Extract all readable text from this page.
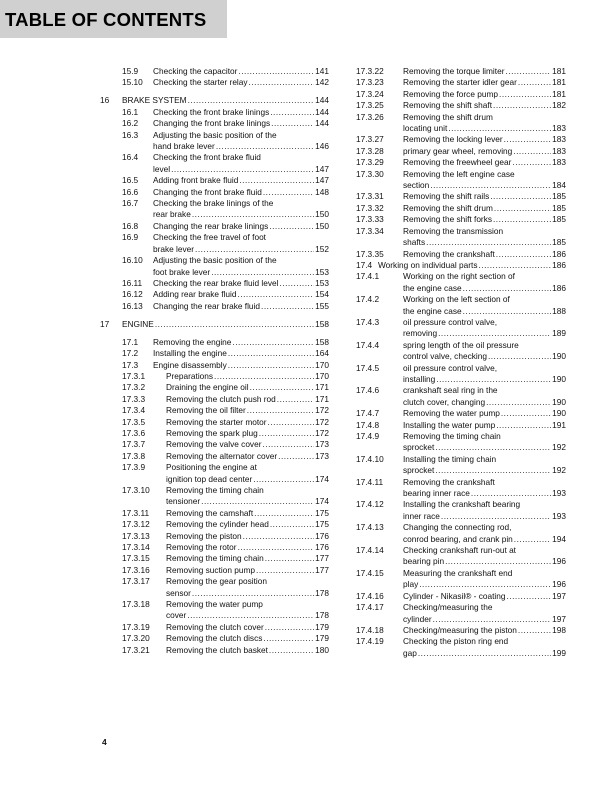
TABLE OF CONTENTS
15.9	Checking the capacitor .....	141
15.10	Checking the starter relay .....	142
16	BRAKE SYSTEM .....	144
16.1	Checking the front brake linings .....	144
16.2	Changing the front brake linings .....	144
16.3	Adjusting the basic position of the
hand brake lever .....	146
16.4	Checking the front brake fluid
level .....	147
16.5	Adding front brake fluid .....	147
16.6	Changing the front brake fluid .....	148
16.7	Checking the brake linings of the
rear brake .....	150
16.8	Changing the rear brake linings .....	150
16.9	Checking the free travel of foot
brake lever .....	152
16.10	Adjusting the basic position of the
foot brake lever .....	153
16.11	Checking the rear brake fluid level .....	153
16.12	Adding rear brake fluid .....	154
16.13	Changing the rear brake fluid .....	155
17	ENGINE .....	158
17.1	Removing the engine .....	158
17.2	Installing the engine .....	164
17.3	Engine disassembly .....	170
17.3.1	Preparations .....	170
17.3.2	Draining the engine oil .....	171
17.3.3	Removing the clutch push rod .....	171
17.3.4	Removing the oil filter .....	172
17.3.5	Removing the starter motor .....	172
17.3.6	Removing the spark plug .....	172
17.3.7	Removing the valve cover .....	173
17.3.8	Removing the alternator cover .....	173
17.3.9	Positioning the engine at
ignition top dead center .....	174
17.3.10	Removing the timing chain
tensioner .....	174
17.3.11	Removing the camshaft .....	175
17.3.12	Removing the cylinder head .....	175
17.3.13	Removing the piston .....	176
17.3.14	Removing the rotor .....	176
17.3.15	Removing the timing chain .....	177
17.3.16	Removing suction pump .....	177
17.3.17	Removing the gear position
sensor .....	178
17.3.18	Removing the water pump
cover .....	178
17.3.19	Removing the clutch cover .....	179
17.3.20	Removing the clutch discs .....	179
17.3.21	Removing the clutch basket .....	180
17.3.22	Removing the torque limiter .....	181
17.3.23	Removing the starter idler gear .....	181
17.3.24	Removing the force pump .....	181
17.3.25	Removing the shift shaft .....	182
17.3.26	Removing the shift drum
locating unit .....	183
17.3.27	Removing the locking lever .....	183
17.3.28	primary gear wheel, removing .....	183
17.3.29	Removing the freewheel gear .....	183
17.3.30	Removing the left engine case
section .....	184
17.3.31	Removing the shift rails .....	185
17.3.32	Removing the shift drum .....	185
17.3.33	Removing the shift forks .....	185
17.3.34	Removing the transmission
shafts .....	185
17.3.35	Removing the crankshaft .....	186
17.4 Working on individual parts .....	186
17.4.1	Working on the right section of
the engine case .....	186
17.4.2	Working on the left section of
the engine case .....	188
17.4.3	oil pressure control valve,
removing .....	189
17.4.4	spring length of the oil pressure
control valve, checking .....	190
17.4.5	oil pressure control valve,
installing .....	190
17.4.6	crankshaft seal ring in the
clutch cover, changing .....	190
17.4.7	Removing the water pump .....	190
17.4.8	Installing the water pump .....	191
17.4.9	Removing the timing chain
sprocket .....	192
17.4.10	Installing the timing chain
sprocket .....	192
17.4.11	Removing the crankshaft
bearing inner race .....	193
17.4.12	Installing the crankshaft bearing
inner race .....	193
17.4.13	Changing the connecting rod,
conrod bearing, and crank pin .....	194
17.4.14	Checking crankshaft run-out at
bearing pin .....	196
17.4.15	Measuring the crankshaft end
play .....	196
17.4.16	Cylinder - Nikasil® - coating .....	197
17.4.17	Checking/measuring the
cylinder .....	197
17.4.18	Checking/measuring the piston .....	198
17.4.19	Checking the piston ring end
gap .....	199
4
